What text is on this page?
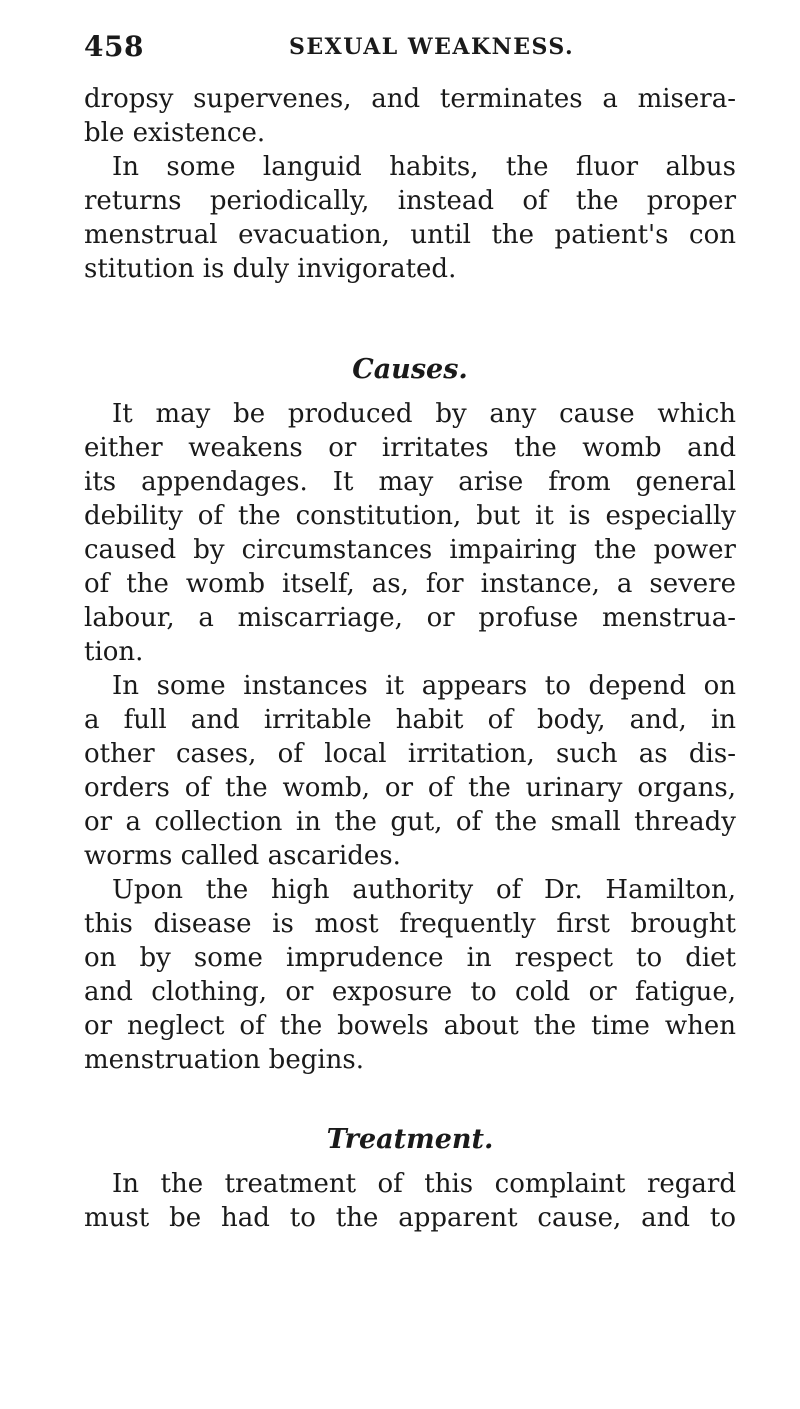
458	SEXUAL WEAKNESS.
dropsy supervenes, and terminates a misera-
ble existence.
In some languid habits, the fluor albus
returns periodically, instead of the proper
menstrual evacuation, until the patient's con
stitution is duly invigorated.
Causes.
It may be produced by any cause which
either weakens or irritates the womb and
its appendages. It may arise from general
debility of the constitution, but it is especially
caused by circumstances impairing the power
of the womb itself, as, for instance, a severe
labour, a miscarriage, or profuse menstrua-
tion.
In some instances it appears to depend on
a full and irritable habit of body, and, in
other cases, of local irritation, such as dis-
orders of the womb, or of the urinary organs,
or a collection in the gut, of the small thready
worms called ascarides.
Upon the high authority of Dr. Hamilton,
this disease is most frequently first brought
on by some imprudence in respect to diet
and clothing, or exposure to cold or fatigue,
or neglect of the bowels about the time when
menstruation begins.
Treatment.
In the treatment of this complaint regard
must be had to the apparent cause, and to
